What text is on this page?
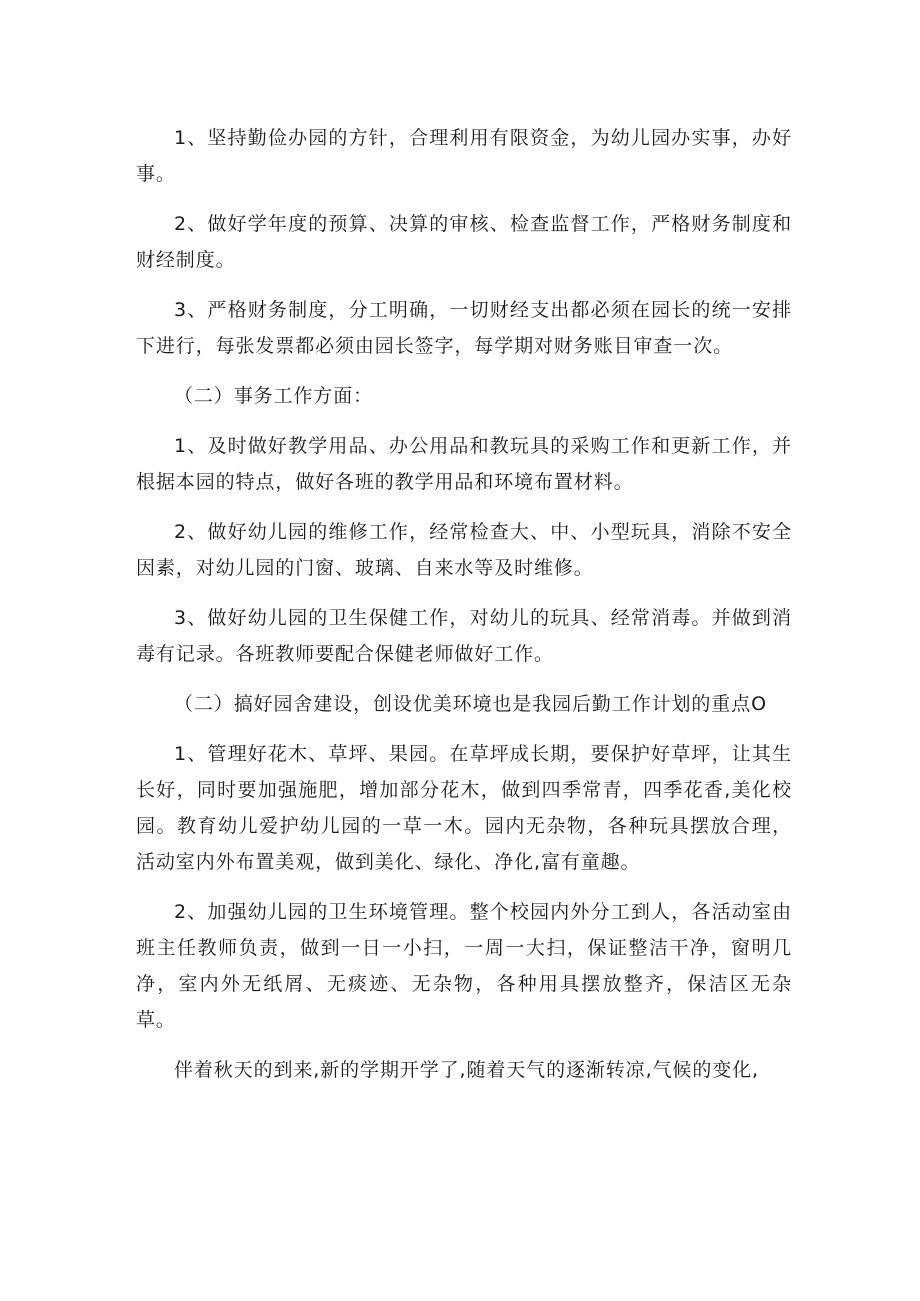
1、坚持勤俭办园的方针，合理利用有限资金，为幼儿园办实事，办好事。

2、做好学年度的预算、决算的审核、检查监督工作，严格财务制度和财经制度。

3、严格财务制度，分工明确，一切财经支出都必须在园长的统一安排下进行，每张发票都必须由园长签字，每学期对财务账目审查一次。

（二）事务工作方面：

1、及时做好教学用品、办公用品和教玩具的采购工作和更新工作，并根据本园的特点，做好各班的教学用品和环境布置材料。

2、做好幼儿园的维修工作，经常检查大、中、小型玩具，消除不安全因素，对幼儿园的门窗、玻璃、自来水等及时维修。

3、做好幼儿园的卫生保健工作，对幼儿的玩具、经常消毒。并做到消毒有记录。各班教师要配合保健老师做好工作。

（二）搞好园舍建设，创设优美环境也是我园后勤工作计划的重点O

1、管理好花木、草坪、果园。在草坪成长期，要保护好草坪，让其生长好，同时要加强施肥，增加部分花木，做到四季常青，四季花香,美化校园。教育幼儿爱护幼儿园的一草一木。园内无杂物，各种玩具摆放合理，活动室内外布置美观，做到美化、绿化、净化,富有童趣。

2、加强幼儿园的卫生环境管理。整个校园内外分工到人，各活动室由班主任教师负责，做到一日一小扫，一周一大扫，保证整洁干净，窗明几净，室内外无纸屑、无痰迹、无杂物，各种用具摆放整齐，保洁区无杂草。

伴着秋天的到来,新的学期开学了,随着天气的逐渐转凉,气候的变化,
